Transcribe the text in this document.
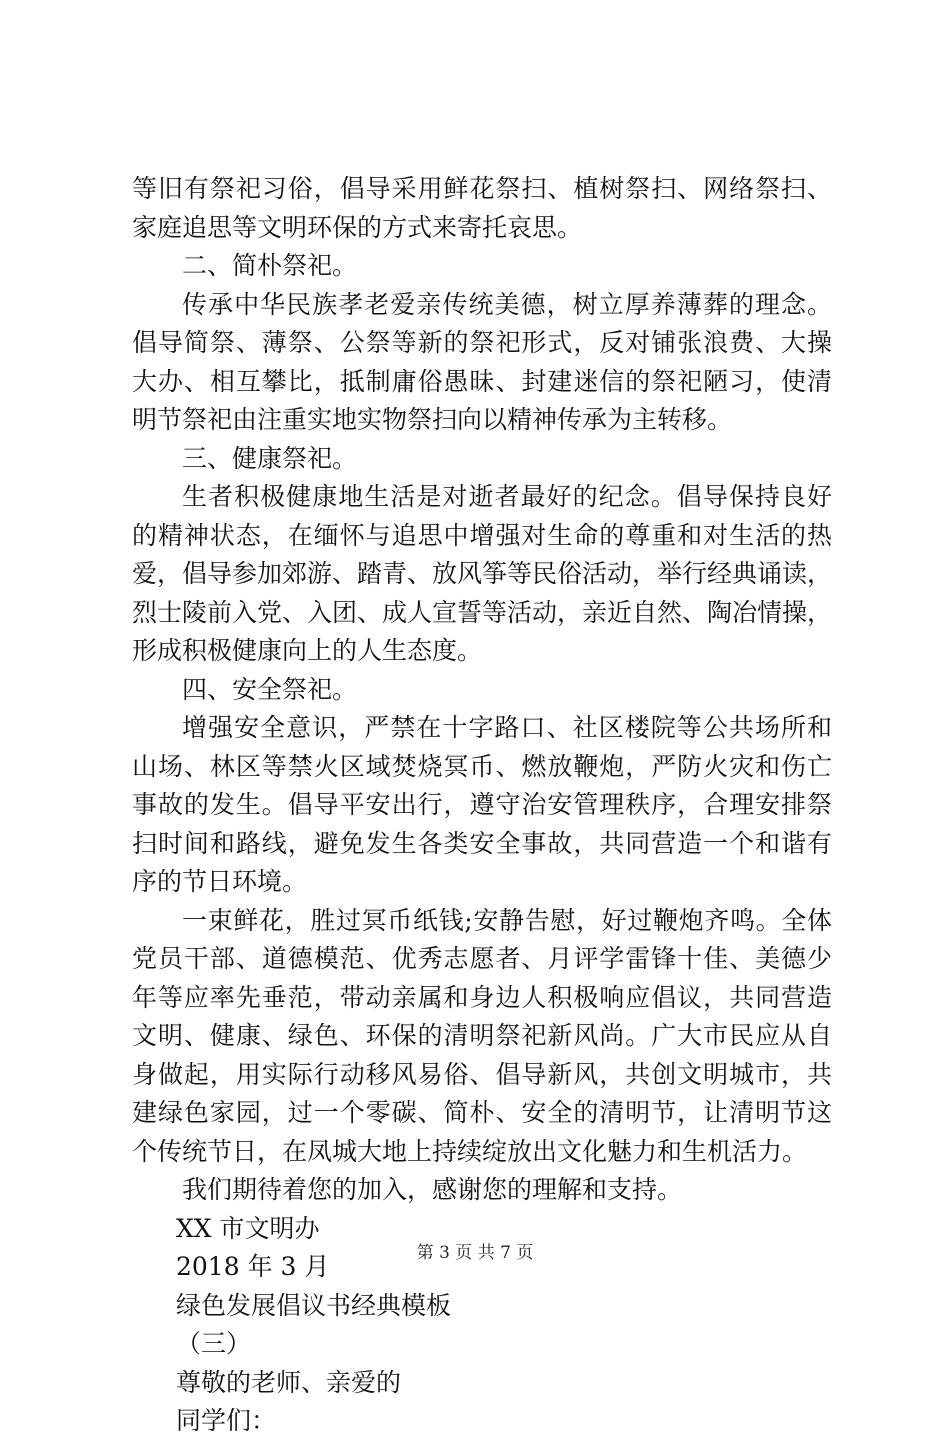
等旧有祭祀习俗，倡导采用鲜花祭扫、植树祭扫、网络祭扫、
家庭追思等文明环保的方式来寄托哀思。
二、简朴祭祀。
传承中华民族孝老爱亲传统美德，树立厚养薄葬的理念。
倡导简祭、薄祭、公祭等新的祭祀形式，反对铺张浪费、大操
大办、相互攀比，抵制庸俗愚昧、封建迷信的祭祀陋习，使清
明节祭祀由注重实地实物祭扫向以精神传承为主转移。
三、健康祭祀。
生者积极健康地生活是对逝者最好的纪念。倡导保持良好
的精神状态，在缅怀与追思中增强对生命的尊重和对生活的热
爱，倡导参加郊游、踏青、放风筝等民俗活动，举行经典诵读，
烈士陵前入党、入团、成人宣誓等活动，亲近自然、陶冶情操，
形成积极健康向上的人生态度。
四、安全祭祀。
增强安全意识，严禁在十字路口、社区楼院等公共场所和
山场、林区等禁火区域焚烧冥币、燃放鞭炮，严防火灾和伤亡
事故的发生。倡导平安出行，遵守治安管理秩序，合理安排祭
扫时间和路线，避免发生各类安全事故，共同营造一个和谐有
序的节日环境。
一束鲜花，胜过冥币纸钱;安静告慰，好过鞭炮齐鸣。全体
党员干部、道德模范、优秀志愿者、月评学雷锋十佳、美德少
年等应率先垂范，带动亲属和身边人积极响应倡议，共同营造
文明、健康、绿色、环保的清明祭祀新风尚。广大市民应从自
身做起，用实际行动移风易俗、倡导新风，共创文明城市，共
建绿色家园，过一个零碳、简朴、安全的清明节，让清明节这
个传统节日，在凤城大地上持续绽放出文化魅力和生机活力。
我们期待着您的加入，感谢您的理解和支持。
XX 市文明办
2018 年 3 月
绿色发展倡议书经典模板
（三）
尊敬的老师、亲爱的
同学们：
第 3 页 共 7 页
